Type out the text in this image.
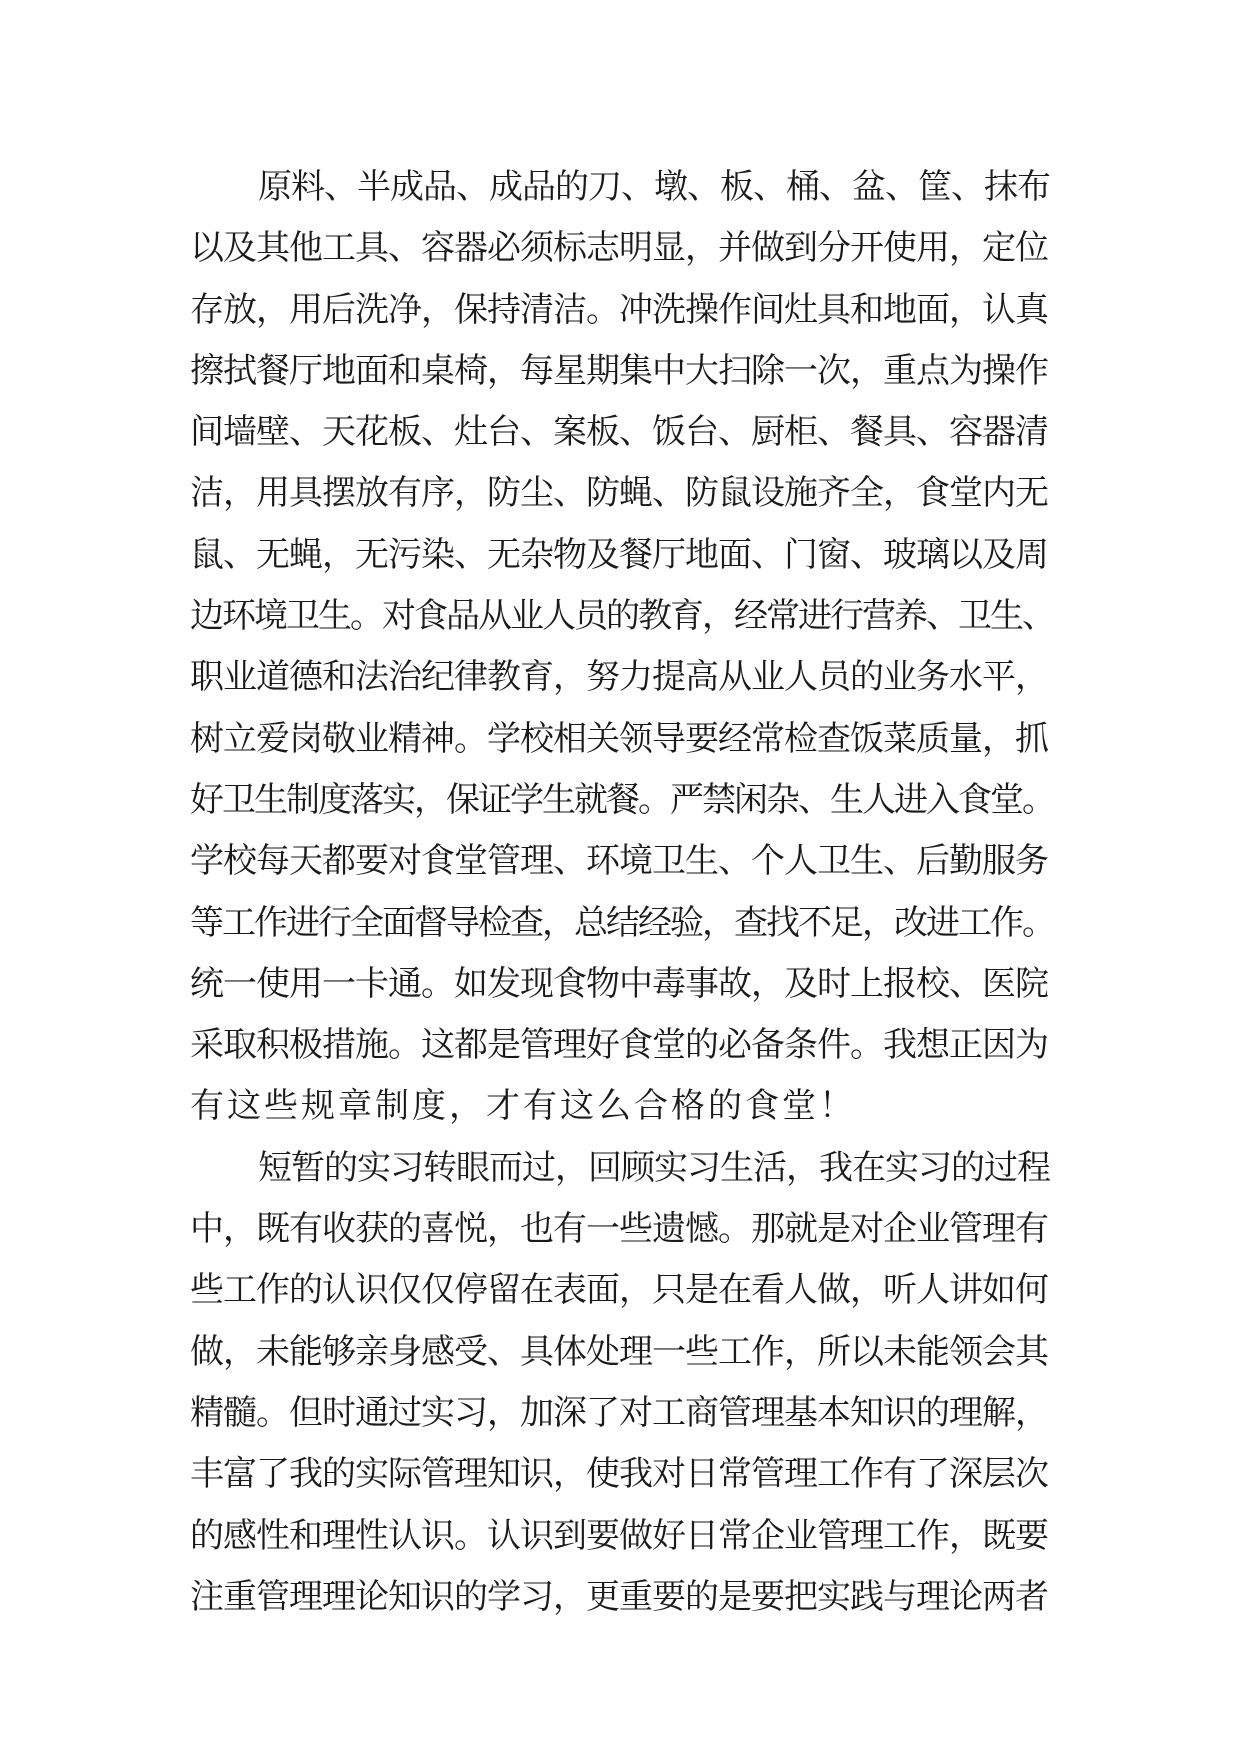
原料、半成品、成品的刀、墩、板、桶、盆、筐、抹布
以及其他工具、容器必须标志明显，并做到分开使用，定位
存放，用后洗净，保持清洁。冲洗操作间灶具和地面，认真
擦拭餐厅地面和桌椅，每星期集中大扫除一次，重点为操作
间墙壁、天花板、灶台、案板、饭台、厨柜、餐具、容器清
洁，用具摆放有序，防尘、防蝇、防鼠设施齐全，食堂内无
鼠、无蝇，无污染、无杂物及餐厅地面、门窗、玻璃以及周
边环境卫生。对食品从业人员的教育，经常进行营养、卫生、
职业道德和法治纪律教育，努力提高从业人员的业务水平，
树立爱岗敬业精神。学校相关领导要经常检查饭菜质量，抓
好卫生制度落实，保证学生就餐。严禁闲杂、生人进入食堂。
学校每天都要对食堂管理、环境卫生、个人卫生、后勤服务
等工作进行全面督导检查，总结经验，查找不足，改进工作。
统一使用一卡通。如发现食物中毒事故，及时上报校、医院
采取积极措施。这都是管理好食堂的必备条件。我想正因为
有这些规章制度，才有这么合格的食堂！
短暂的实习转眼而过，回顾实习生活，我在实习的过程
中，既有收获的喜悦，也有一些遗憾。那就是对企业管理有
些工作的认识仅仅停留在表面，只是在看人做，听人讲如何
做，未能够亲身感受、具体处理一些工作，所以未能领会其
精髓。但时通过实习，加深了对工商管理基本知识的理解，
丰富了我的实际管理知识，使我对日常管理工作有了深层次
的感性和理性认识。认识到要做好日常企业管理工作，既要
注重管理理论知识的学习，更重要的是要把实践与理论两者
